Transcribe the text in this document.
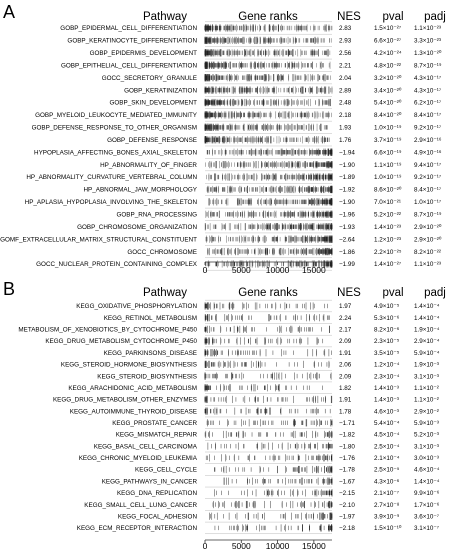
A	Pathway	Gene ranks	NES pval padj
GOBP_EPIDERMAL_CELL_DIFFERENTIATION	2.83	1.5×10⁻²⁷ 1.1×10⁻²³
GOBP_KERATINOCYTE_DIFFERENTIATION	2.93	6.6×10⁻²⁷ 3.3×10⁻²³
GOBP_EPIDERMIS_DEVELOPMENT	2.56	4.2×10⁻²⁴ 1.3×10⁻²⁰
GOBP_EPITHELIAL_CELL_DIFFERENTIATION	2.21	4.8×10⁻²² 8.7×10⁻¹⁹
GOCC_SECRETORY_GRANULE	2.04	3.2×10⁻²⁰ 4.3×10⁻¹⁷
GOBP_KERATINIZATION	2.89	3.4×10⁻²⁰ 4.3×10⁻¹⁷
GOBP_SKIN_DEVELOPMENT	2.48	5.4×10⁻²⁰ 6.2×10⁻¹⁷
GOBP_MYELOID_LEUKOCYTE_MEDIATED_IMMUNITY	2.18	8.4×10⁻²⁰ 8.4×10⁻¹⁷
GOBP_DEFENSE_RESPONSE_TO_OTHER_ORGANISM	1.93	1.0×10⁻¹⁹ 9.2×10⁻¹⁷
GOBP_DEFENSE_RESPONSE	1.76	3.7×10⁻¹⁹ 2.9×10⁻¹⁶
HYPOPLASIA_AFFECTING_BONES_AXIAL_SKELETON	−1.94	6.6×10⁻¹⁹ 4.9×10⁻¹⁶
HP_ABNORMALITY_OF_FINGER	−1.90	1.1×10⁻¹⁹ 9.4×10⁻¹⁷
HP_ABNORMALITY_CURVATURE_VERTEBRAL_COLUMN	−1.89	1.0×10⁻¹⁹ 9.2×10⁻¹⁷
HP_ABNORMAL_JAW_MORPHOLOGY	−1.92	8.6×10⁻²⁰ 8.4×10⁻¹⁷
HP_APLASIA_HYPOPLASIA_INVOLVING_THE_SKELETON	−1.90	7.0×10⁻²¹ 1.0×10⁻¹⁷
GOBP_RNA_PROCESSING	−1.96	5.2×10⁻²² 8.7×10⁻¹⁹
GOBP_CHROMOSOME_ORGANIZATION	−1.93	1.4×10⁻²³ 2.9×10⁻²⁰
GOMF_EXTRACELLULAR_MATRIX_STRUCTURAL_CONSTITUENT	−2.64	1.2×10⁻²³ 2.9×10⁻²⁰
GOCC_CHROMOSOME	−1.86	2.2×10⁻²⁵ 8.2×10⁻²²
GOCC_NUCLEAR_PROTEIN_CONTAINING_COMPLEX	−1.99	1.4×10⁻²⁷ 1.1×10⁻²³
0	5000 10000 15000
B	Pathway	Gene ranks	NES pval padj
KEGG_OXIDATIVE_PHOSPHORYLATION	1.97	4.9×10⁻⁵ 1.4×10⁻⁴
KEGG_RETINOL_METABOLISM	2.24	5.3×10⁻⁶ 1.4×10⁻⁴
METABOLISM_OF_XENOBIOTICS_BY_CYTOCHROME_P450	2.17	8.2×10⁻⁶ 1.9×10⁻⁴
KEGG_DRUG_METABOLISM_CYTOCHROME_P450	2.09	2.3×10⁻⁵ 2.9×10⁻⁴
KEGG_PARKINSONS_DISEASE	1.91	3.5×10⁻⁵ 5.9×10⁻⁴
KEGG_STEROID_HORMONE_BIOSYNTHESIS	2.06	1.2×10⁻⁴ 1.9×10⁻³
KEGG_STEROID_BIOSYNTHESIS	2.09	2.3×10⁻⁴ 3.1×10⁻³
KEGG_ARACHIDONIC_ACID_METABOLISM	1.82	1.4×10⁻³ 1.1×10⁻²
KEGG_DRUG_METABOLISM_OTHER_ENZYMES	1.91	1.4×10⁻³ 1.1×10⁻²
KEGG_AUTOIMMUNE_THYROID_DISEASE	1.78	4.6×10⁻³ 2.9×10⁻²
KEGG_PROSTATE_CANCER	−1.71	5.4×10⁻⁴ 5.9×10⁻³
KEGG_MISMATCH_REPAIR	−1.82	4.5×10⁻⁴ 5.2×10⁻³
KEGG_BASAL_CELL_CARCINOMA	−1.80	2.5×10⁻⁴ 3.1×10⁻³
KEGG_CHRONIC_MYELOID_LEUKEMIA	−1.76	2.1×10⁻⁴ 3.0×10⁻³
KEGG_CELL_CYCLE	−1.78	2.5×10⁻⁵ 4.6×10⁻⁴
KEGG_PATHWAYS_IN_CANCER	−1.67	4.3×10⁻⁶ 1.4×10⁻⁴
KEGG_DNA_REPLICATION	−2.15	2.1×10⁻⁷ 9.9×10⁻⁶
KEGG_SMALL_CELL_LUNG_CANCER	−2.10	2.7×10⁻⁸ 1.7×10⁻⁶
KEGG_FOCAL_ADHESION	−1.97	3.9×10⁻⁹ 3.6×10⁻⁷
KEGG_ECM_RECEPTOR_INTERACTION	−2.18	1.5×10⁻¹⁰ 3.1×10⁻⁷
0	5000 10000 15000
